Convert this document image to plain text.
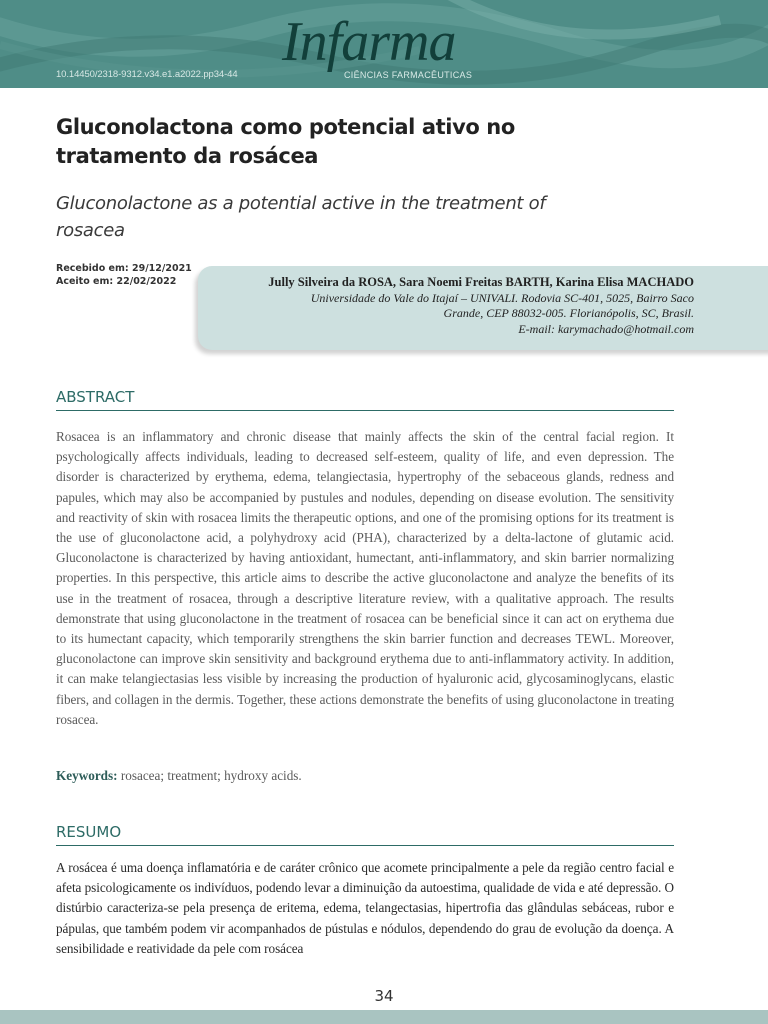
10.14450/2318-9312.v34.e1.a2022.pp34-44
Infarma
CIÊNCIAS FARMACÊUTICAS
Gluconolactona como potencial ativo no tratamento da rosácea
Gluconolactone as a potential active in the treatment of rosacea
Recebido em: 29/12/2021
Aceito em: 22/02/2022	Jully Silveira da ROSA, Sara Noemi Freitas BARTH, Karina Elisa MACHADO
Universidade do Vale do Itajaí – UNIVALI. Rodovia SC-401, 5025, Bairro Saco
Grande, CEP 88032-005. Florianópolis, SC, Brasil.
E-mail: karymachado@hotmail.com
ABSTRACT
Rosacea is an inflammatory and chronic disease that mainly affects the skin of the central facial region. It psychologically affects individuals, leading to decreased self-esteem, quality of life, and even depression. The disorder is characterized by erythema, edema, telangiectasia, hypertrophy of the sebaceous glands, redness and papules, which may also be accompanied by pustules and nodules, depending on disease evolution. The sensitivity and reactivity of skin with rosacea limits the therapeutic options, and one of the promising options for its treatment is the use of gluconolactone acid, a polyhydroxy acid (PHA), characterized by a delta-lactone of glutamic acid. Gluconolactone is characterized by having antioxidant, humectant, anti-inflammatory, and skin barrier normalizing properties. In this perspective, this article aims to describe the active gluconolactone and analyze the benefits of its use in the treatment of rosacea, through a descriptive literature review, with a qualitative approach. The results demonstrate that using gluconolactone in the treatment of rosacea can be beneficial since it can act on erythema due to its humectant capacity, which temporarily strengthens the skin barrier function and decreases TEWL. Moreover, gluconolactone can improve skin sensitivity and background erythema due to anti-inflammatory activity. In addition, it can make telangiectasias less visible by increasing the production of hyaluronic acid, glycosaminoglycans, elastic fibers, and collagen in the dermis. Together, these actions demonstrate the benefits of using gluconolactone in treating rosacea.
Keywords: rosacea; treatment; hydroxy acids.
RESUMO
A rosácea é uma doença inflamatória e de caráter crônico que acomete principalmente a pele da região centro facial e afeta psicologicamente os indivíduos, podendo levar a diminuição da autoestima, qualidade de vida e até depressão. O distúrbio caracteriza-se pela presença de eritema, edema, telangectasias, hipertrofia das glândulas sebáceas, rubor e pápulas, que também podem vir acompanhados de pústulas e nódulos, dependendo do grau de evolução da doença. A sensibilidade e reatividade da pele com rosácea
34
